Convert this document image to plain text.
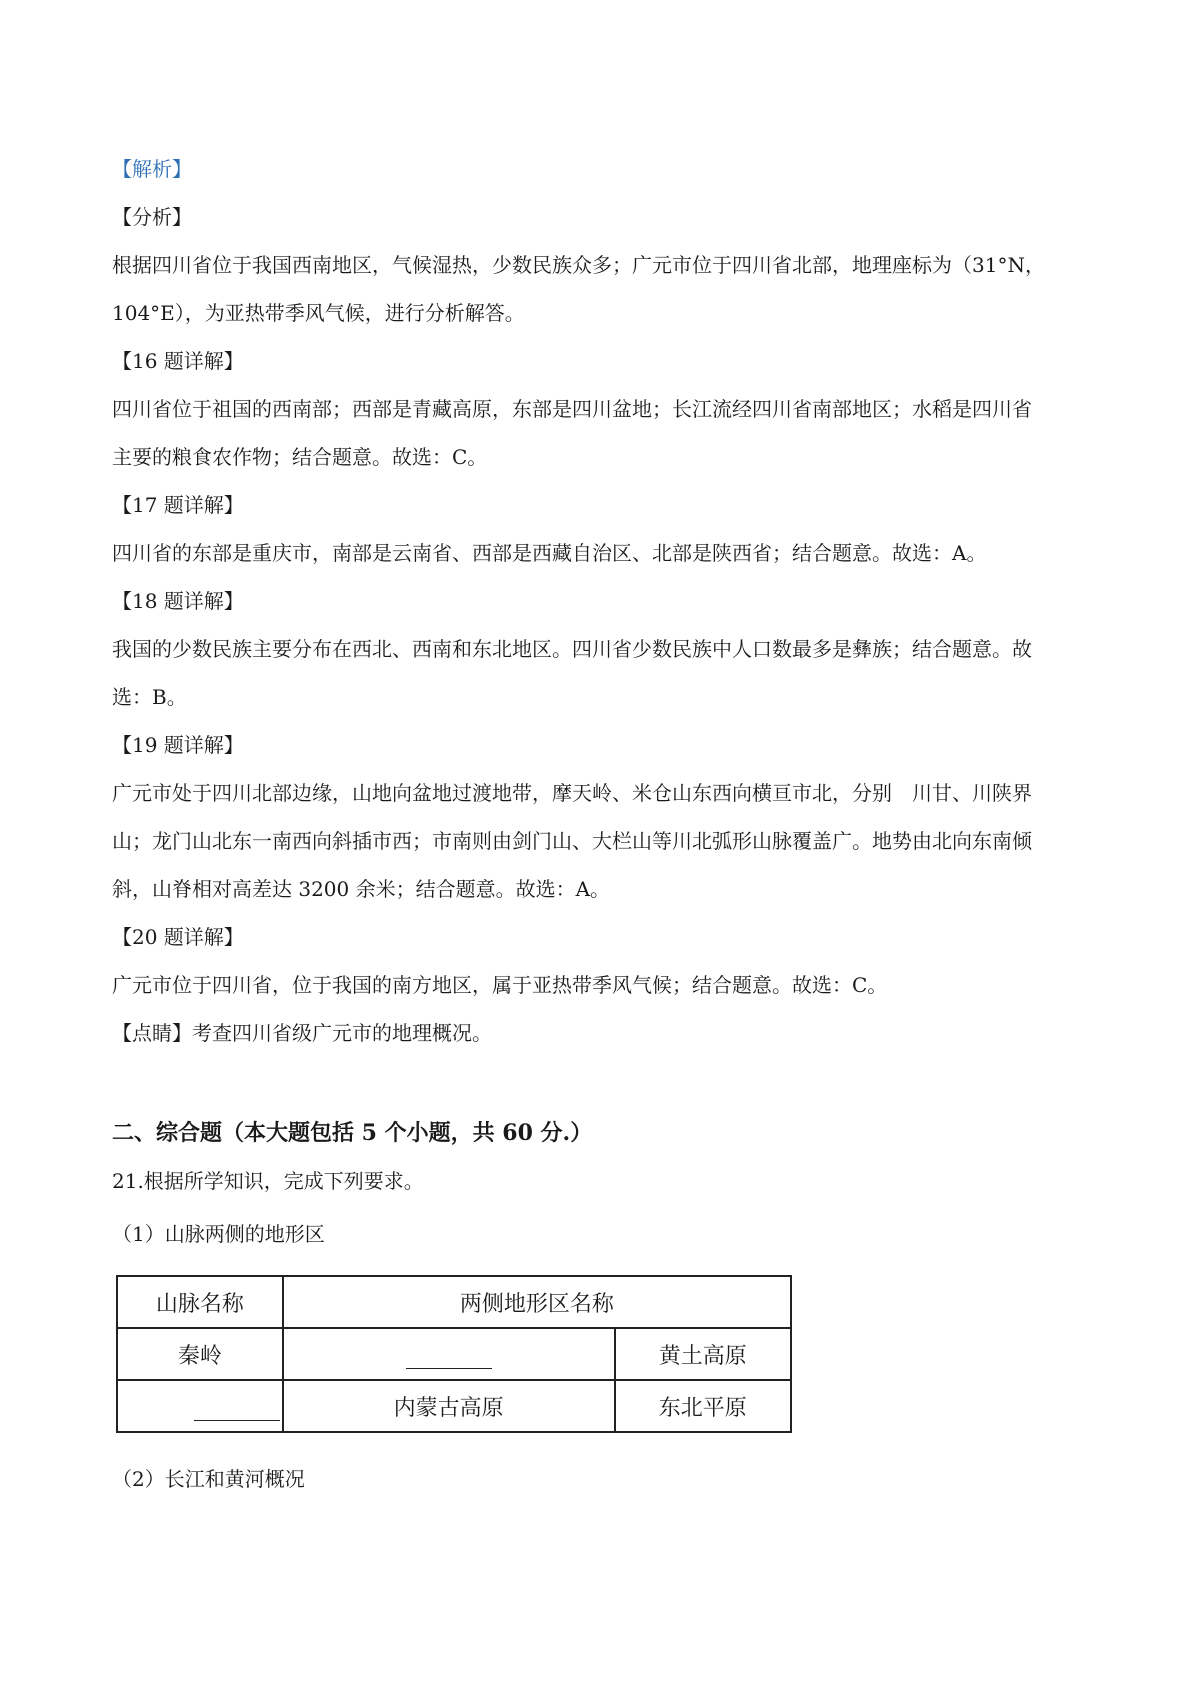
【解析】
【分析】
根据四川省位于我国西南地区，气候湿热，少数民族众多；广元市位于四川省北部，地理座标为（31°N，
104°E），为亚热带季风气候，进行分析解答。
【16 题详解】
四川省位于祖国的西南部；西部是青藏高原，东部是四川盆地；长江流经四川省南部地区；水稻是四川省
主要的粮食农作物；结合题意。故选：C。
【17 题详解】
四川省的东部是重庆市，南部是云南省、西部是西藏自治区、北部是陕西省；结合题意。故选：A。
【18 题详解】
我国的少数民族主要分布在西北、西南和东北地区。四川省少数民族中人口数最多是彝族；结合题意。故
选：B。
【19 题详解】
广元市处于四川北部边缘，山地向盆地过渡地带，摩天岭、米仓山东西向横亘市北，分别　川甘、川陕界
山；龙门山北东一南西向斜插市西；市南则由剑门山、大栏山等川北弧形山脉覆盖广。地势由北向东南倾
斜，山脊相对高差达 3200 余米；结合题意。故选：A。
【20 题详解】
广元市位于四川省，位于我国的南方地区，属于亚热带季风气候；结合题意。故选：C。
【点睛】考查四川省级广元市的地理概况。
二、综合题（本大题包括 5 个小题，共 60 分.）
21.根据所学知识，完成下列要求。
（1）山脉两侧的地形区
山脉名称	两侧地形区名称	
秦岭		黄土高原
	内蒙古高原	东北平原
（2）长江和黄河概况
